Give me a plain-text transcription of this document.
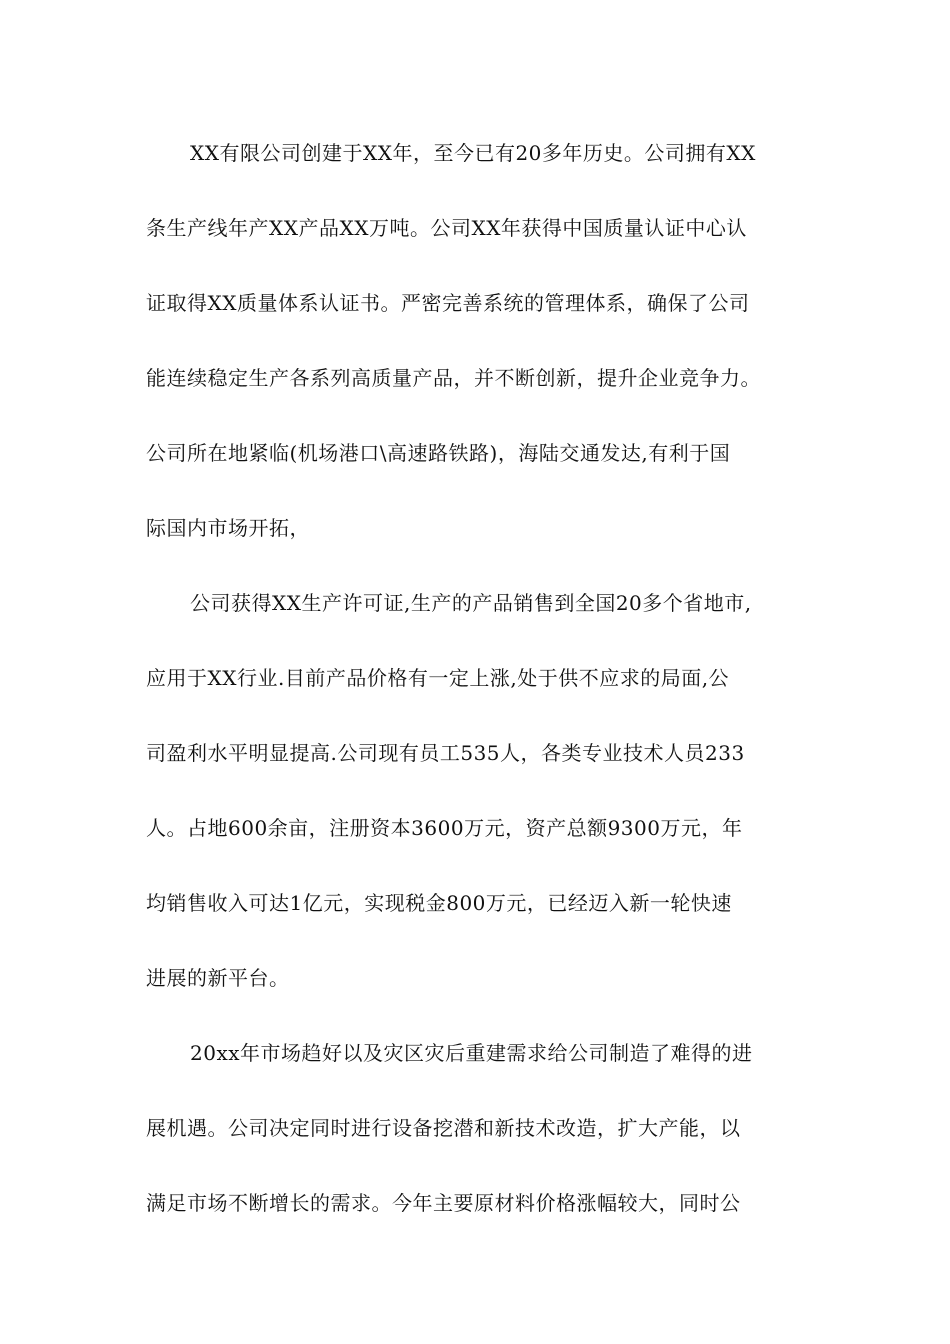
XX有限公司创建于XX年，至今已有20多年历史。公司拥有XX
条生产线年产XX产品XX万吨。公司XX年获得中国质量认证中心认
证取得XX质量体系认证书。严密完善系统的管理体系，确保了公司
能连续稳定生产各系列高质量产品，并不断创新，提升企业竞争力。
公司所在地紧临(机场港口\高速路铁路)，海陆交通发达,有利于国
际国内市场开拓，
公司获得XX生产许可证,生产的产品销售到全国20多个省地市,
应用于XX行业.目前产品价格有一定上涨,处于供不应求的局面,公
司盈利水平明显提高.公司现有员工535人，各类专业技术人员233
人。占地600余亩，注册资本3600万元，资产总额9300万元，年
均销售收入可达1亿元，实现税金800万元，已经迈入新一轮快速
进展的新平台。
20xx年市场趋好以及灾区灾后重建需求给公司制造了难得的进
展机遇。公司决定同时进行设备挖潜和新技术改造，扩大产能，以
满足市场不断增长的需求。今年主要原材料价格涨幅较大，同时公
